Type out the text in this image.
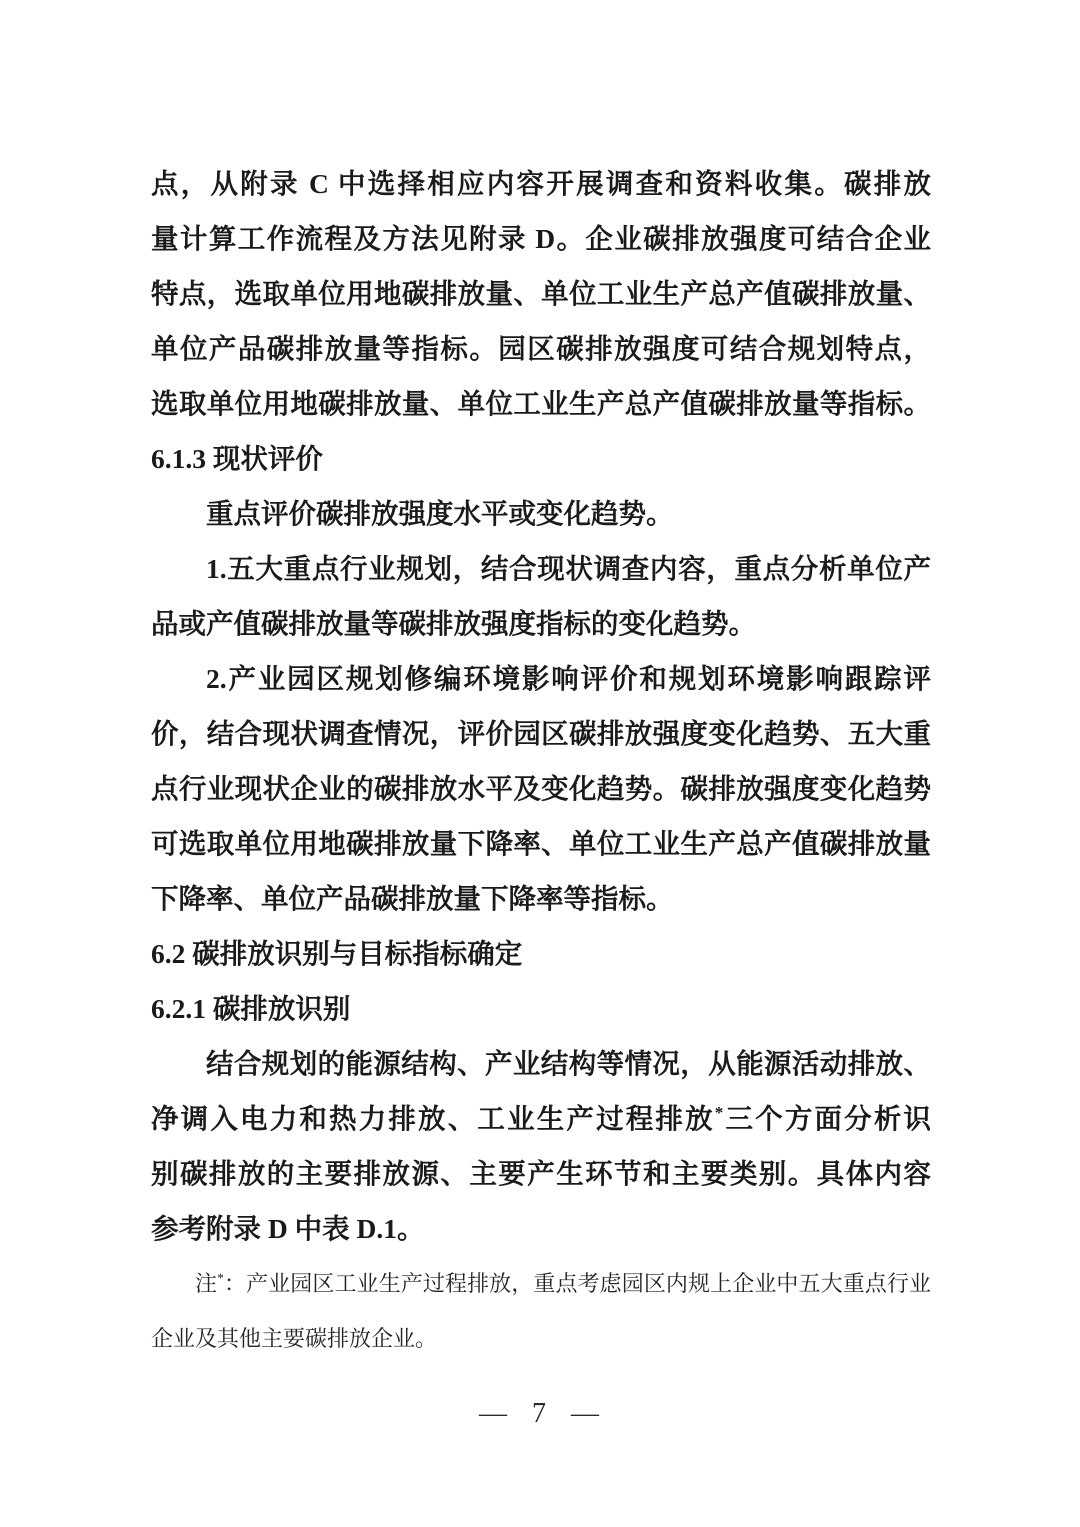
点，从附录 C 中选择相应内容开展调查和资料收集。碳排放
量计算工作流程及方法见附录 D。企业碳排放强度可结合企业
特点，选取单位用地碳排放量、单位工业生产总产值碳排放量、
单位产品碳排放量等指标。园区碳排放强度可结合规划特点，
选取单位用地碳排放量、单位工业生产总产值碳排放量等指标。
6.1.3 现状评价
重点评价碳排放强度水平或变化趋势。
1.五大重点行业规划，结合现状调查内容，重点分析单位产
品或产值碳排放量等碳排放强度指标的变化趋势。
2.产业园区规划修编环境影响评价和规划环境影响跟踪评
价，结合现状调查情况，评价园区碳排放强度变化趋势、五大重
点行业现状企业的碳排放水平及变化趋势。碳排放强度变化趋势
可选取单位用地碳排放量下降率、单位工业生产总产值碳排放量
下降率、单位产品碳排放量下降率等指标。
6.2 碳排放识别与目标指标确定
6.2.1 碳排放识别
结合规划的能源结构、产业结构等情况，从能源活动排放、
净调入电力和热力排放、工业生产过程排放*三个方面分析识
别碳排放的主要排放源、主要产生环节和主要类别。具体内容
参考附录 D 中表 D.1。
注*：产业园区工业生产过程排放，重点考虑园区内规上企业中五大重点行业
企业及其他主要碳排放企业。
— 7 —
